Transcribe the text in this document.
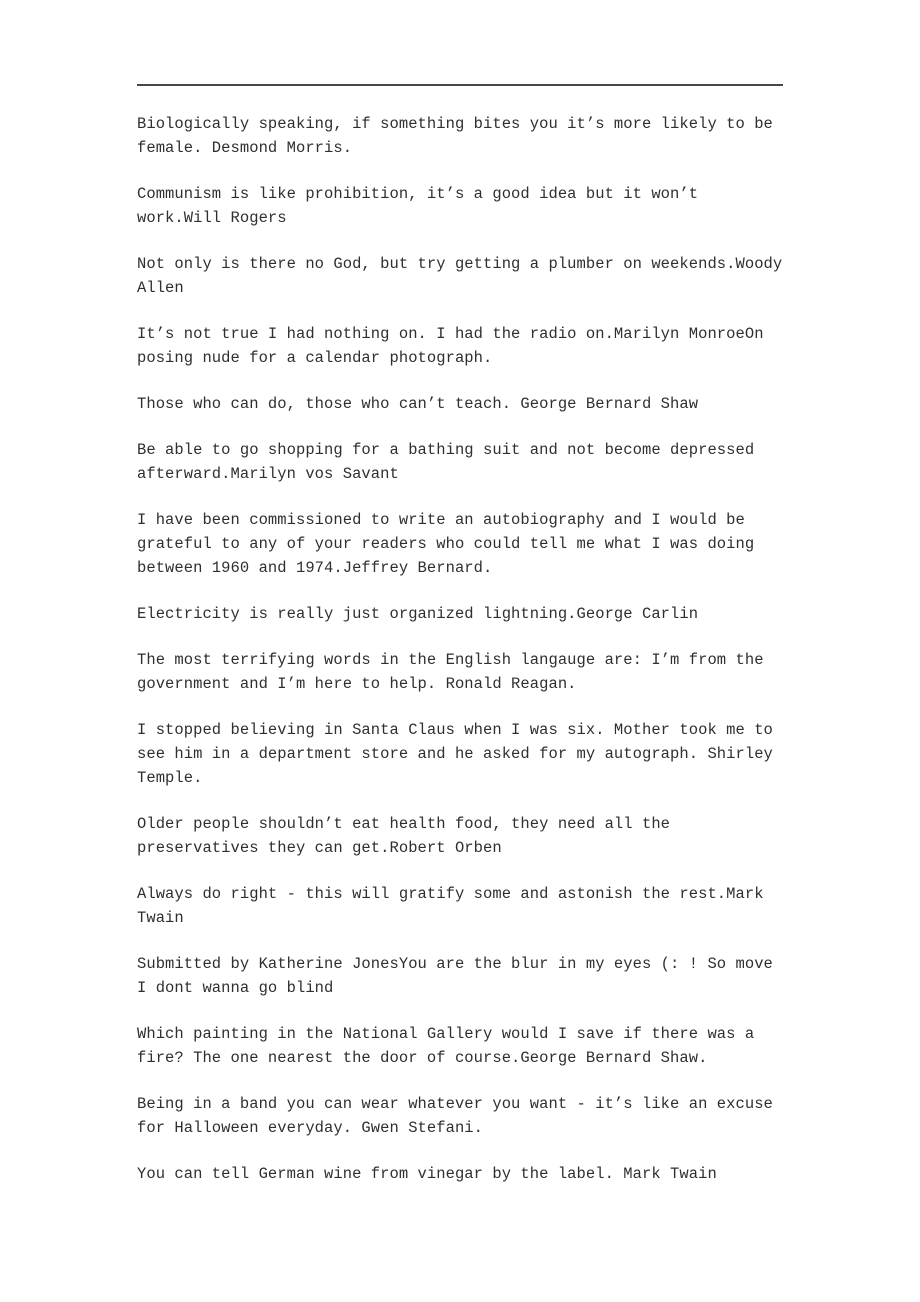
Biologically speaking, if something bites you it’s more likely to be
female. Desmond Morris.

Communism is like prohibition, it’s a good idea but it won’t
work.Will Rogers

Not only is there no God, but try getting a plumber on weekends.Woody
Allen

It’s not true I had nothing on. I had the radio on.Marilyn MonroeOn
posing nude for a calendar photograph.

Those who can do, those who can’t teach. George Bernard Shaw

Be able to go shopping for a bathing suit and not become depressed
afterward.Marilyn vos Savant

I have been commissioned to write an autobiography and I would be
grateful to any of your readers who could tell me what I was doing
between 1960 and 1974.Jeffrey Bernard.

Electricity is really just organized lightning.George Carlin

The most terrifying words in the English langauge are: I’m from the
government and I’m here to help. Ronald Reagan.

I stopped believing in Santa Claus when I was six. Mother took me to
see him in a department store and he asked for my autograph. Shirley
Temple.

Older people shouldn’t eat health food, they need all the
preservatives they can get.Robert Orben

Always do right - this will gratify some and astonish the rest.Mark
Twain

Submitted by Katherine JonesYou are the blur in my eyes (: ! So move
I dont wanna go blind

Which painting in the National Gallery would I save if there was a
fire? The one nearest the door of course.George Bernard Shaw.

Being in a band you can wear whatever you want - it’s like an excuse
for Halloween everyday. Gwen Stefani.

You can tell German wine from vinegar by the label. Mark Twain
